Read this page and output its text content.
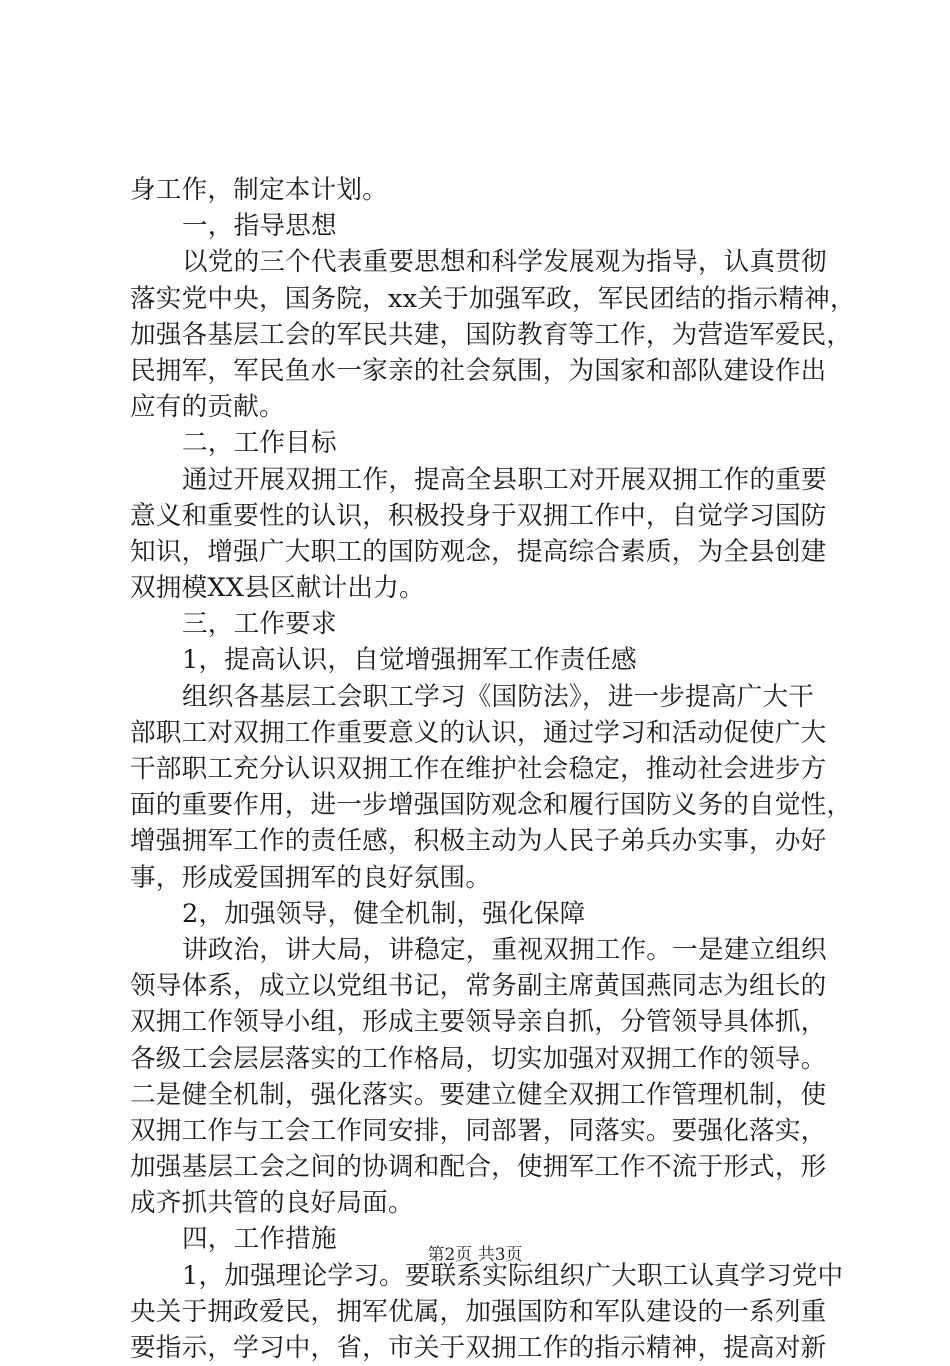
身工作，制定本计划。
一，指导思想
以党的三个代表重要思想和科学发展观为指导，认真贯彻
落实党中央，国务院，xx关于加强军政，军民团结的指示精神，
加强各基层工会的军民共建，国防教育等工作，为营造军爱民，
民拥军，军民鱼水一家亲的社会氛围，为国家和部队建设作出
应有的贡献。
二，工作目标
通过开展双拥工作，提高全县职工对开展双拥工作的重要
意义和重要性的认识，积极投身于双拥工作中，自觉学习国防
知识，增强广大职工的国防观念，提高综合素质，为全县创建
双拥模XX县区献计出力。
三，工作要求
1，提高认识，自觉增强拥军工作责任感
组织各基层工会职工学习《国防法》，进一步提高广大干
部职工对双拥工作重要意义的认识，通过学习和活动促使广大
干部职工充分认识双拥工作在维护社会稳定，推动社会进步方
面的重要作用，进一步增强国防观念和履行国防义务的自觉性，
增强拥军工作的责任感，积极主动为人民子弟兵办实事，办好
事，形成爱国拥军的良好氛围。
2，加强领导，健全机制，强化保障
讲政治，讲大局，讲稳定，重视双拥工作。一是建立组织
领导体系，成立以党组书记，常务副主席黄国燕同志为组长的
双拥工作领导小组，形成主要领导亲自抓，分管领导具体抓，
各级工会层层落实的工作格局，切实加强对双拥工作的领导。
二是健全机制，强化落实。要建立健全双拥工作管理机制，使
双拥工作与工会工作同安排，同部署，同落实。要强化落实，
加强基层工会之间的协调和配合，使拥军工作不流于形式，形
成齐抓共管的良好局面。
四，工作措施
1，加强理论学习。要联系实际组织广大职工认真学习党中
央关于拥政爱民，拥军优属，加强国防和军队建设的一系列重
要指示，学习中，省，市关于双拥工作的指示精神，提高对新
第2页 共3页
